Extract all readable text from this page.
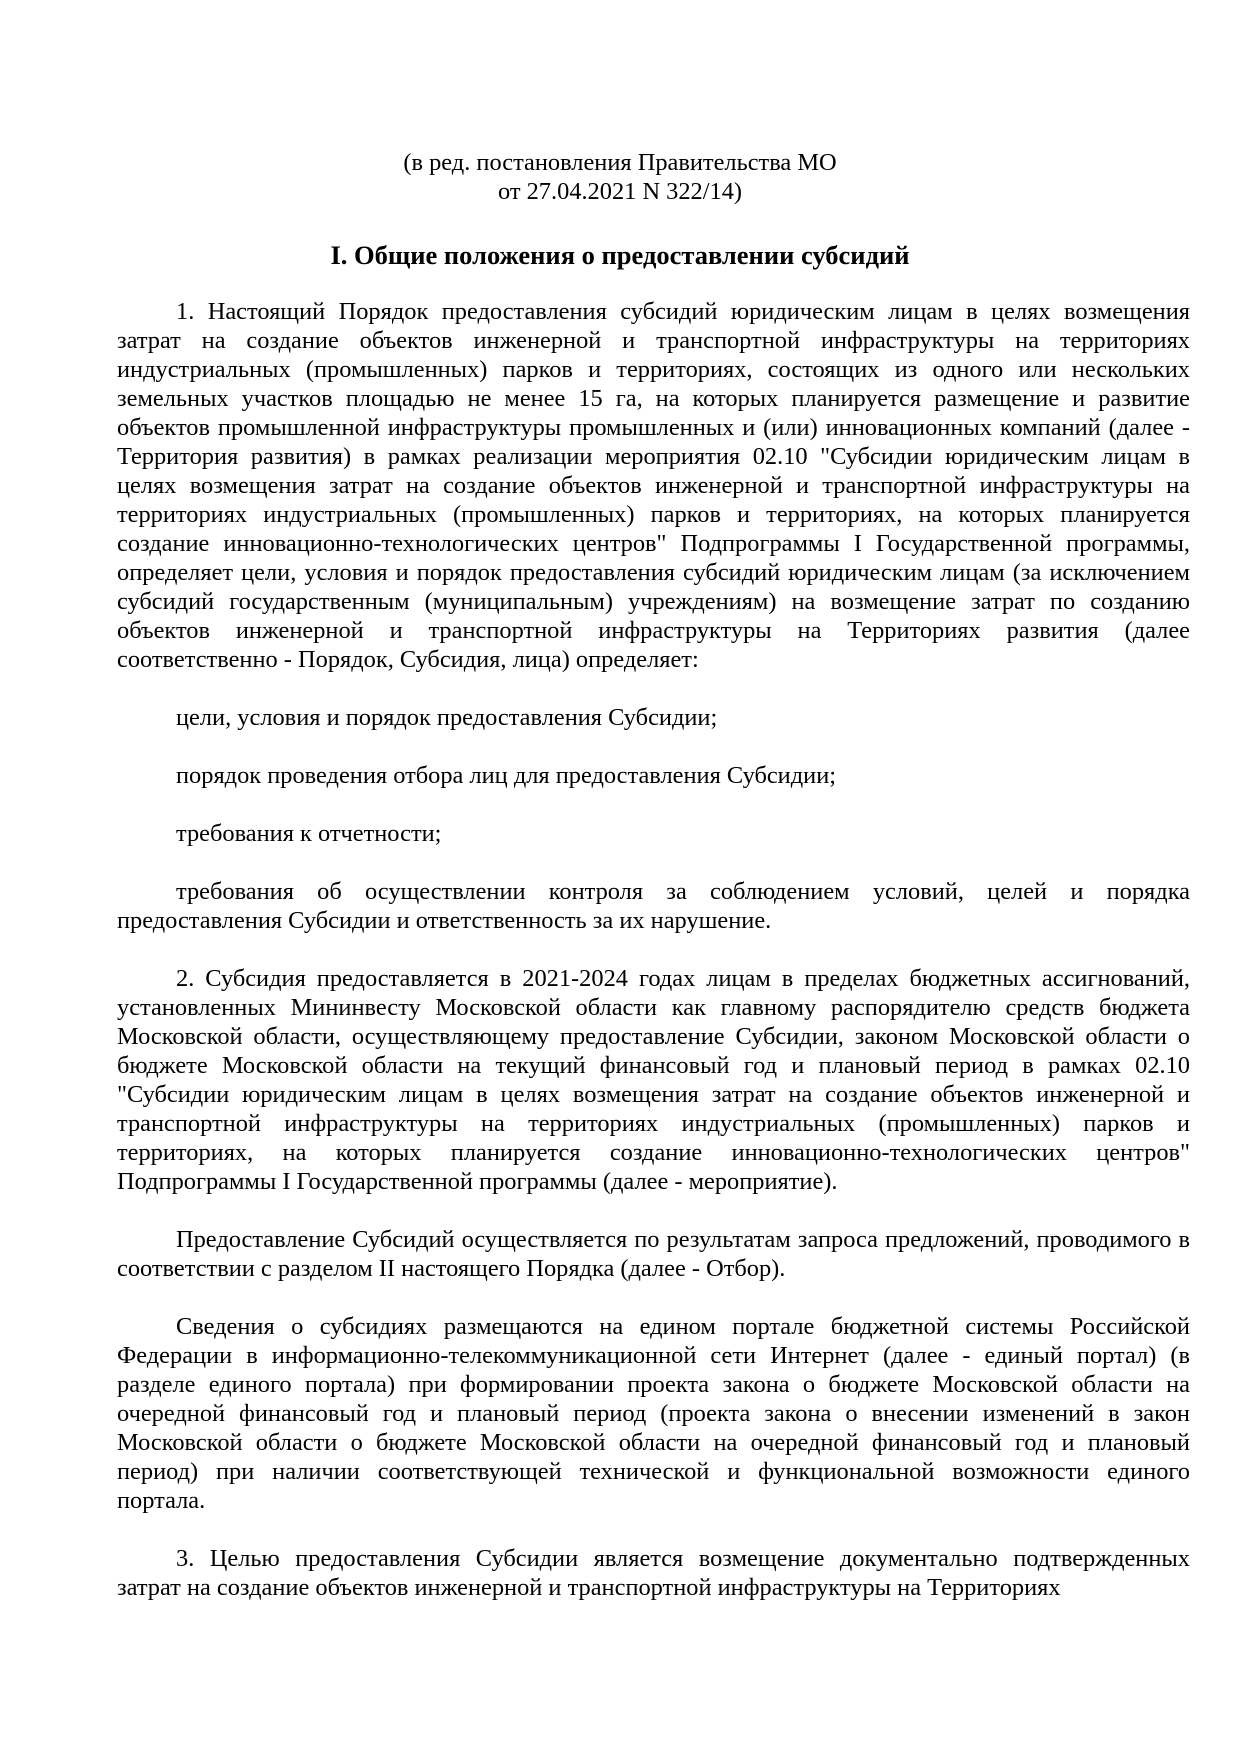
(в ред. постановления Правительства МО

от 27.04.2021 N 322/14)

I. Общие положения о предоставлении субсидий

1. Настоящий Порядок предоставления субсидий юридическим лицам в целях возмещения затрат на создание объектов инженерной и транспортной инфраструктуры на территориях индустриальных (промышленных) парков и территориях, состоящих из одного или нескольких земельных участков площадью не менее 15 га, на которых планируется размещение и развитие объектов промышленной инфраструктуры промышленных и (или) инновационных компаний (далее - Территория развития) в рамках реализации мероприятия 02.10 "Субсидии юридическим лицам в целях возмещения затрат на создание объектов инженерной и транспортной инфраструктуры на территориях индустриальных (промышленных) парков и территориях, на которых планируется создание инновационно-технологических центров" Подпрограммы I Государственной программы, определяет цели, условия и порядок предоставления субсидий юридическим лицам (за исключением субсидий государственным (муниципальным) учреждениям) на возмещение затрат по созданию объектов инженерной и транспортной инфраструктуры на Территориях развития (далее соответственно - Порядок, Субсидия, лица) определяет:

цели, условия и порядок предоставления Субсидии;

порядок проведения отбора лиц для предоставления Субсидии;

требования к отчетности;

требования об осуществлении контроля за соблюдением условий, целей и порядка предоставления Субсидии и ответственность за их нарушение.

2. Субсидия предоставляется в 2021-2024 годах лицам в пределах бюджетных ассигнований, установленных Мининвесту Московской области как главному распорядителю средств бюджета Московской области, осуществляющему предоставление Субсидии, законом Московской области о бюджете Московской области на текущий финансовый год и плановый период в рамках 02.10 "Субсидии юридическим лицам в целях возмещения затрат на создание объектов инженерной и транспортной инфраструктуры на территориях индустриальных (промышленных) парков и территориях, на которых планируется создание инновационно-технологических центров" Подпрограммы I Государственной программы (далее - мероприятие).

Предоставление Субсидий осуществляется по результатам запроса предложений, проводимого в соответствии с разделом II настоящего Порядка (далее - Отбор).

Сведения о субсидиях размещаются на едином портале бюджетной системы Российской Федерации в информационно-телекоммуникационной сети Интернет (далее - единый портал) (в разделе единого портала) при формировании проекта закона о бюджете Московской области на очередной финансовый год и плановый период (проекта закона о внесении изменений в закон Московской области о бюджете Московской области на очередной финансовый год и плановый период) при наличии соответствующей технической и функциональной возможности единого портала.

3. Целью предоставления Субсидии является возмещение документально подтвержденных затрат на создание объектов инженерной и транспортной инфраструктуры на Территориях
